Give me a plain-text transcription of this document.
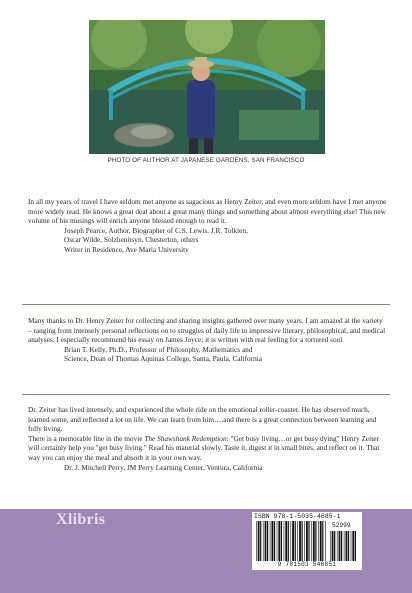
PHOTO OF AUTHOR AT JAPANESE GARDENS, SAN FRANCISCO

In all my years of travel I have seldom met anyone as sagacious as Henry Zeiter, and even more seldom have I met anyone more widely read. He knows a great deal about a great many things and something about almost everything else! This new volume of his musings will enrich anyone blessed enough to read it.

Joseph Pearce, Author, Biographer of C.S. Lewis, J.R. Tolkien,

Oscar Wilde, Solzhenitsyn, Chesterton, others

Writer in Residence, Ave Maria University

Many thanks to Dr. Henry Zeiter for collecting and sharing insights gathered over many years. I am amazed at the variety – ranging from intensely personal reflections on to struggles of daily life to impressive literary, philosophical, and medical analyses. I especially recommend his essay on James Joyce; it is written with real feeling for a tortured soul

Brian T. Kelly, Ph.D., Professor of Philosophy, Mathematics and

Science, Dean of Thomas Aquinas College, Santa, Paula, California

Dr. Zeiter has lived intensely, and experienced the whole ride on the emotional roller-coaster. He has observed much, learned some, and reflected a lot on life. We can learn from him….and there is a great connection between learning and fully living.

There is a memorable line in the movie The Shawshank Redemption: "Get busy living…or get busy dying" Henry Zeiter will certainly help you "get busy living." Read his material slowly. Taste it, digest it in small bites, and reflect on it. That way you can enjoy the meal and absorb it in your own way.

Dr. J. Mitchell Perry, JM Perry Learning Center, Ventura, California

Xlibris	ISBN 978-1-5035-4685-1
52999
9 781503 546851
